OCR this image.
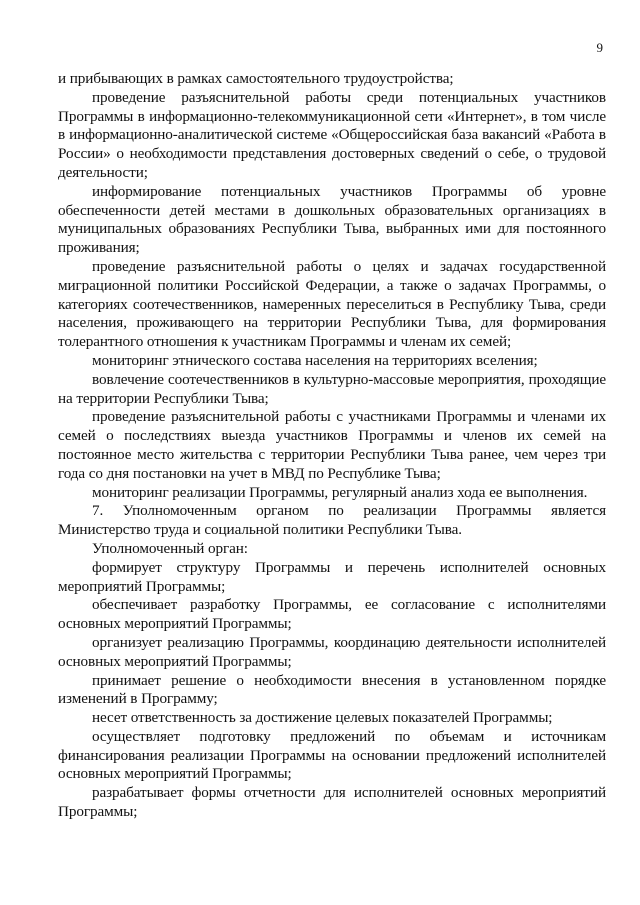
9

и прибывающих в рамках самостоятельного трудоустройства;

проведение разъяснительной работы среди потенциальных участников Программы в информационно-телекоммуникационной сети «Интернет», в том числе в информационно-аналитической системе «Общероссийская база вакансий «Работа в России» о необходимости представления достоверных сведений о себе, о трудовой деятельности;

информирование потенциальных участников Программы об уровне обеспеченности детей местами в дошкольных образовательных организациях в муниципальных образованиях Республики Тыва, выбранных ими для постоянного проживания;

проведение разъяснительной работы о целях и задачах государственной миграционной политики Российской Федерации, а также о задачах Программы, о категориях соотечественников, намеренных переселиться в Республику Тыва, среди населения, проживающего на территории Республики Тыва, для формирования толерантного отношения к участникам Программы и членам их семей;

мониторинг этнического состава населения на территориях вселения;

вовлечение соотечественников в культурно-массовые мероприятия, проходящие на территории Республики Тыва;

проведение разъяснительной работы с участниками Программы и членами их семей о последствиях выезда участников Программы и членов их семей на постоянное место жительства с территории Республики Тыва ранее, чем через три года со дня постановки на учет в МВД по Республике Тыва;

мониторинг реализации Программы, регулярный анализ хода ее выполнения.

7. Уполномоченным органом по реализации Программы является Министерство труда и социальной политики Республики Тыва.

Уполномоченный орган:

формирует структуру Программы и перечень исполнителей основных мероприятий Программы;

обеспечивает разработку Программы, ее согласование с исполнителями основных мероприятий Программы;

организует реализацию Программы, координацию деятельности исполнителей основных мероприятий Программы;

принимает решение о необходимости внесения в установленном порядке изменений в Программу;

несет ответственность за достижение целевых показателей Программы;

осуществляет подготовку предложений по объемам и источникам финансирования реализации Программы на основании предложений исполнителей основных мероприятий Программы;

разрабатывает формы отчетности для исполнителей основных мероприятий Программы;
